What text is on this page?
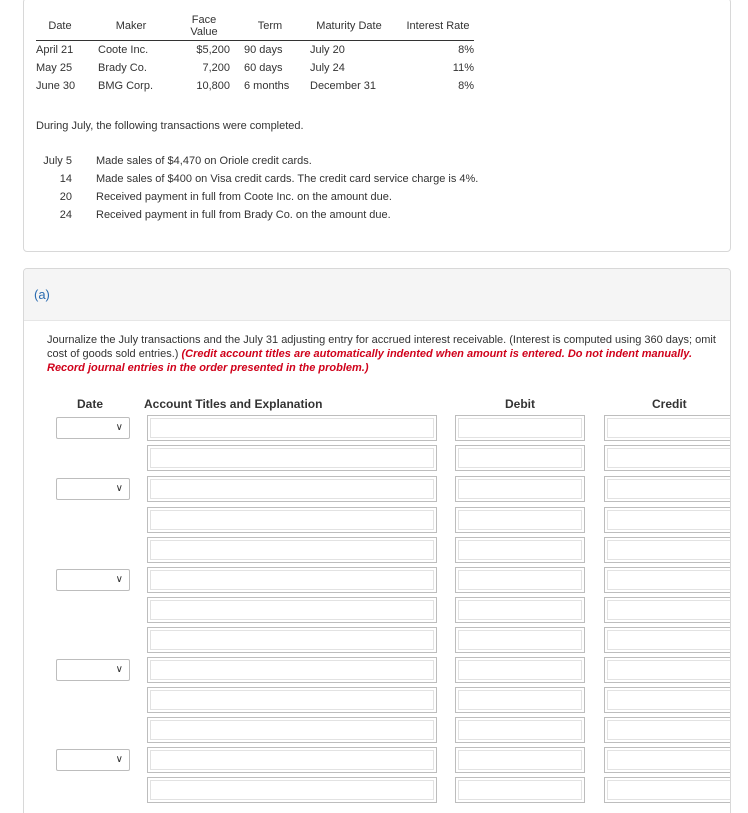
Date		Maker		Face Value		Term		Maturity Date		Interest Rate
April 21		Coote Inc.		$5,200		90 days		July 20		8%
May 25		Brady Co.		7,200		60 days		July 24		11%
June 30		BMG Corp.		10,800		6 months		December 31		8%
During July, the following transactions were completed.
July 5 Made sales of $4,470 on Oriole credit cards.
14 Made sales of $400 on Visa credit cards. The credit card service charge is 4%.
20 Received payment in full from Coote Inc. on the amount due.
24 Received payment in full from Brady Co. on the amount due.
(a)
Journalize the July transactions and the July 31 adjusting entry for accrued interest receivable. (Interest is computed using 360 days; omit cost of goods sold entries.) (Credit account titles are automatically indented when amount is entered. Do not indent manually. Record journal entries in the order presented in the problem.)
Date	Account Titles and Explanation	Debit	Credit
∨
∨
∨
∨
∨
